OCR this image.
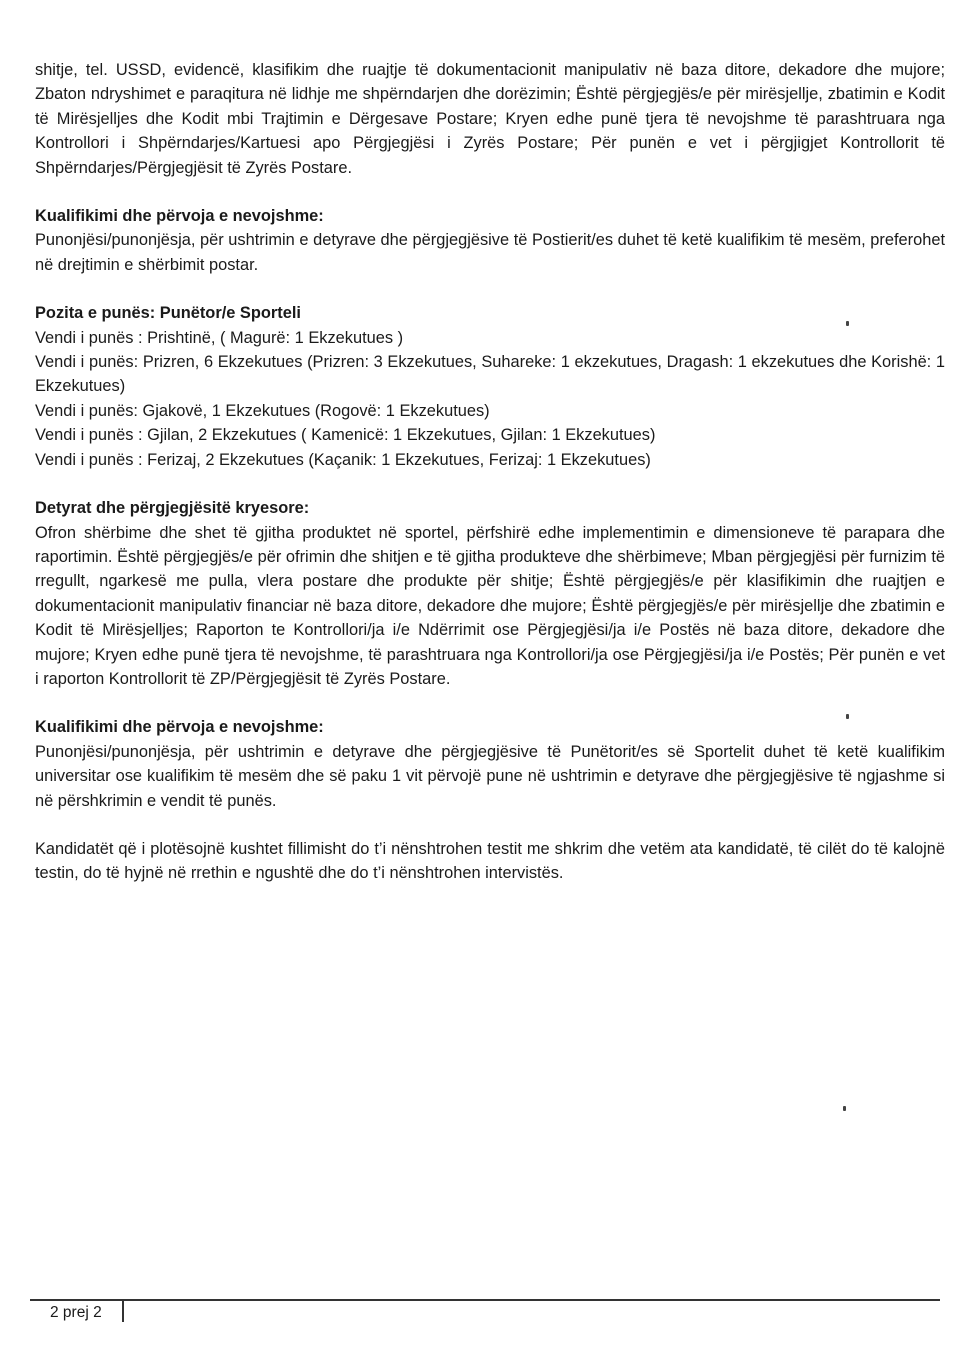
shitje, tel. USSD, evidencë, klasifikim dhe ruajtje të dokumentacionit manipulativ në baza ditore, dekadore dhe mujore; Zbaton ndryshimet e paraqitura në lidhje me shpërndarjen dhe dorëzimin; Është përgjegjës/e për mirësjellje, zbatimin e Kodit të Mirësjelljes dhe Kodit mbi Trajtimin e Dërgesave Postare; Kryen edhe punë tjera të nevojshme të parashtruara nga Kontrollori i Shpërndarjes/Kartuesi apo Përgjegjësi i Zyrës Postare; Për punën e vet i përgjigjet Kontrollorit të Shpërndarjes/Përgjegjësit të Zyrës Postare.

Kualifikimi dhe përvoja e nevojshme:

Punonjësi/punonjësja, për ushtrimin e detyrave dhe përgjegjësive të Postierit/es duhet të ketë kualifikim të mesëm, preferohet në drejtimin e shërbimit postar.

Pozita e punës: Punëtor/e Sporteli

Vendi i punës : Prishtinë, ( Magurë: 1 Ekzekutues )

Vendi i punës: Prizren, 6 Ekzekutues (Prizren: 3 Ekzekutues, Suhareke: 1 ekzekutues, Dragash: 1 ekzekutues dhe Korishë: 1 Ekzekutues)

Vendi i punës: Gjakovë, 1 Ekzekutues (Rogovë: 1 Ekzekutues)

Vendi i punës : Gjilan, 2 Ekzekutues ( Kamenicë: 1 Ekzekutues, Gjilan: 1 Ekzekutues)

Vendi i punës : Ferizaj, 2 Ekzekutues (Kaçanik: 1 Ekzekutues, Ferizaj: 1 Ekzekutues)

Detyrat dhe përgjegjësitë kryesore:

Ofron shërbime dhe shet të gjitha produktet në sportel, përfshirë edhe implementimin e dimensioneve të parapara dhe raportimin. Është përgjegjës/e për ofrimin dhe shitjen e të gjitha produkteve dhe shërbimeve; Mban përgjegjësi për furnizim të rregullt, ngarkesë me pulla, vlera postare dhe produkte për shitje; Është përgjegjës/e për klasifikimin dhe ruajtjen e dokumentacionit manipulativ financiar në baza ditore, dekadore dhe mujore; Është përgjegjës/e për mirësjellje dhe zbatimin e Kodit të Mirësjelljes; Raporton te Kontrollori/ja i/e Ndërrimit ose Përgjegjësi/ja i/e Postës në baza ditore, dekadore dhe mujore; Kryen edhe punë tjera të nevojshme, të parashtruara nga Kontrollori/ja ose Përgjegjësi/ja i/e Postës; Për punën e vet i raporton Kontrollorit të ZP/Përgjegjësit të Zyrës Postare.

Kualifikimi dhe përvoja e nevojshme:

Punonjësi/punonjësja, për ushtrimin e detyrave dhe përgjegjësive të Punëtorit/es së Sportelit duhet të ketë kualifikim universitar ose kualifikim të mesëm dhe së paku 1 vit përvojë pune në ushtrimin e detyrave dhe përgjegjësive të ngjashme si në përshkrimin e vendit të punës.

Kandidatët që i plotësojnë kushtet fillimisht do t’i nënshtrohen testit me shkrim dhe vetëm ata kandidatë, të cilët do të kalojnë testin, do të hyjnë në rrethin e ngushtë dhe do t’i nënshtrohen intervistës.

2 prej 2
